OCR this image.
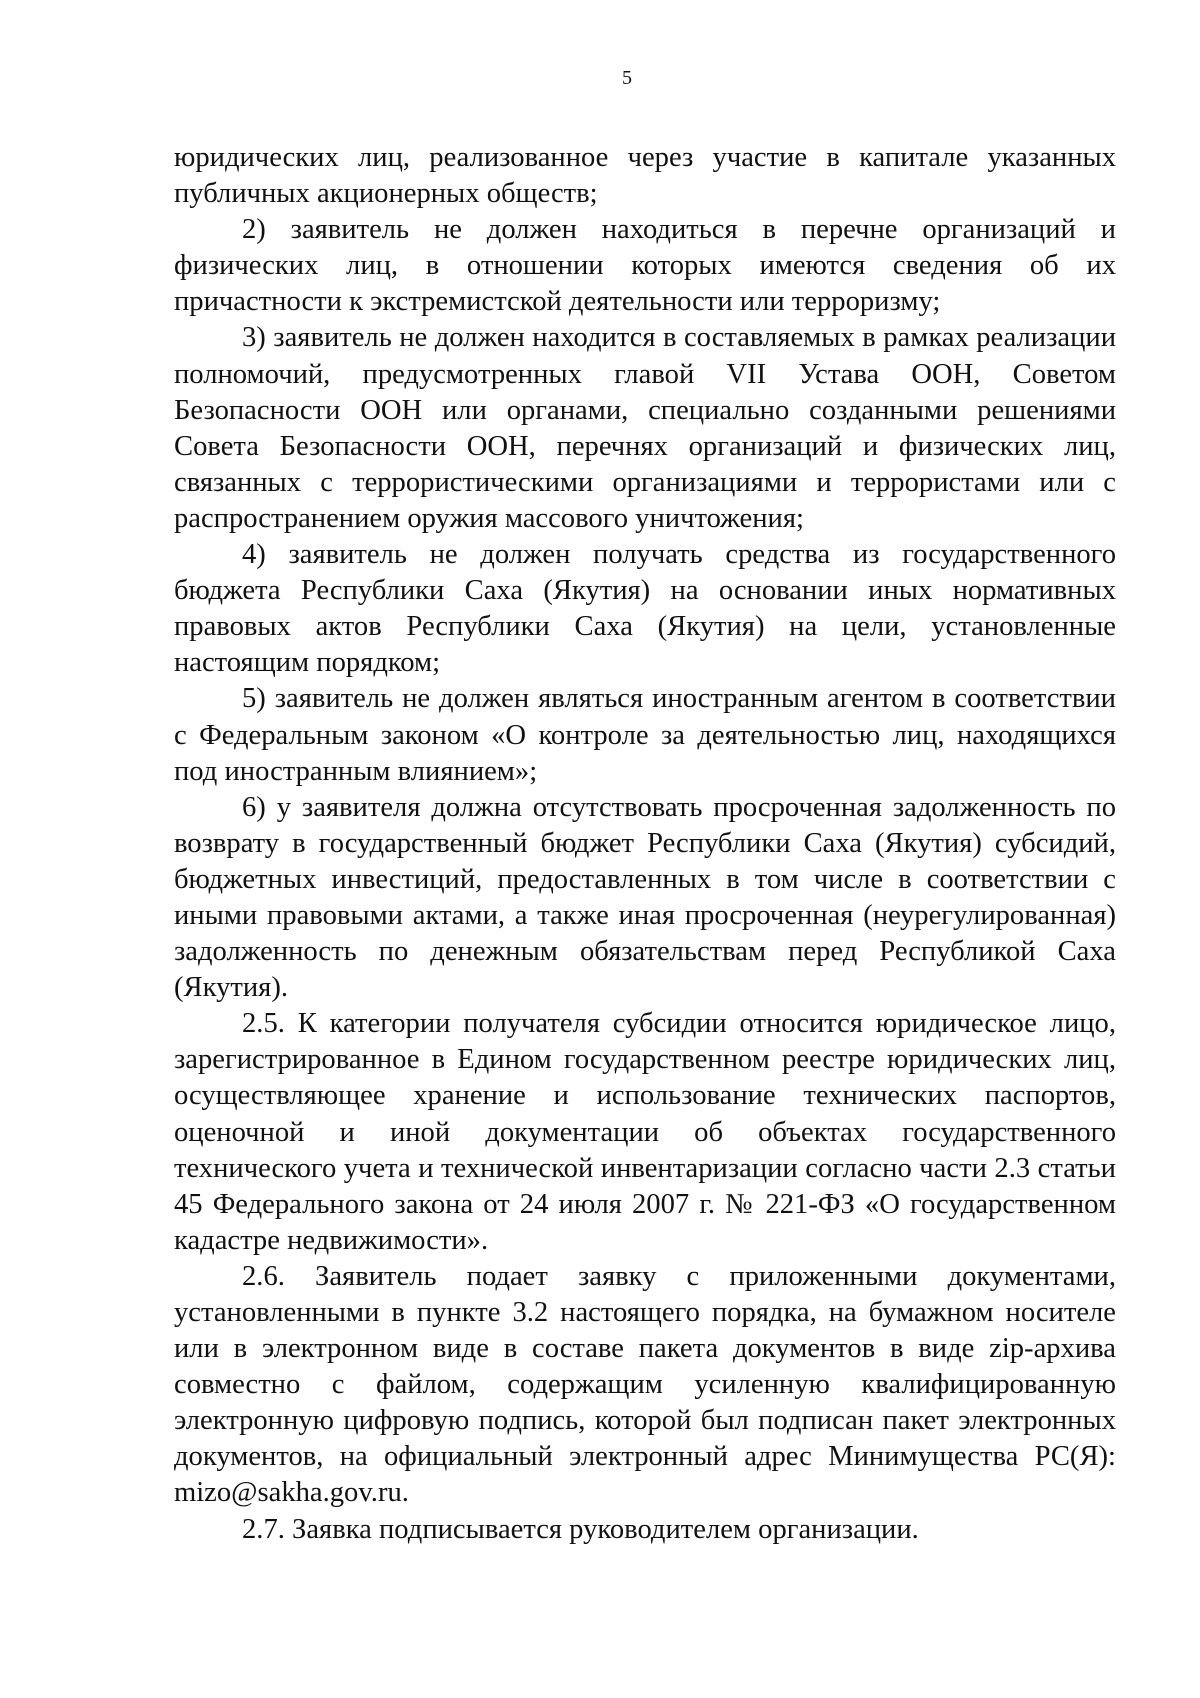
5

юридических лиц, реализованное через участие в капитале указанных публичных акционерных обществ;

2) заявитель не должен находиться в перечне организаций и физических лиц, в отношении которых имеются сведения об их причастности к экстремистской деятельности или терроризму;

3) заявитель не должен находится в составляемых в рамках реализации полномочий, предусмотренных главой VII Устава ООН, Советом Безопасности ООН или органами, специально созданными решениями Совета Безопасности ООН, перечнях организаций и физических лиц, связанных с террористическими организациями и террористами или с распространением оружия массового уничтожения;

4) заявитель не должен получать средства из государственного бюджета Республики Саха (Якутия) на основании иных нормативных правовых актов Республики Саха (Якутия) на цели, установленные настоящим порядком;

5) заявитель не должен являться иностранным агентом в соответствии с Федеральным законом «О контроле за деятельностью лиц, находящихся под иностранным влиянием»;

6) у заявителя должна отсутствовать просроченная задолженность по возврату в государственный бюджет Республики Саха (Якутия) субсидий, бюджетных инвестиций, предоставленных в том числе в соответствии с иными правовыми актами, а также иная просроченная (неурегулированная) задолженность по денежным обязательствам перед Республикой Саха (Якутия).

2.5. К категории получателя субсидии относится юридическое лицо, зарегистрированное в Едином государственном реестре юридических лиц, осуществляющее хранение и использование технических паспортов, оценочной и иной документации об объектах государственного технического учета и технической инвентаризации согласно части 2.3 статьи 45 Федерального закона от 24 июля 2007 г. № 221-ФЗ «О государственном кадастре недвижимости».

2.6. Заявитель подает заявку с приложенными документами, установленными в пункте 3.2 настоящего порядка, на бумажном носителе или в электронном виде в составе пакета документов в виде zip-архива совместно с файлом, содержащим усиленную квалифицированную электронную цифровую подпись, которой был подписан пакет электронных документов, на официальный электронный адрес Минимущества РС(Я): mizo@sakha.gov.ru.

2.7. Заявка подписывается руководителем организации.
